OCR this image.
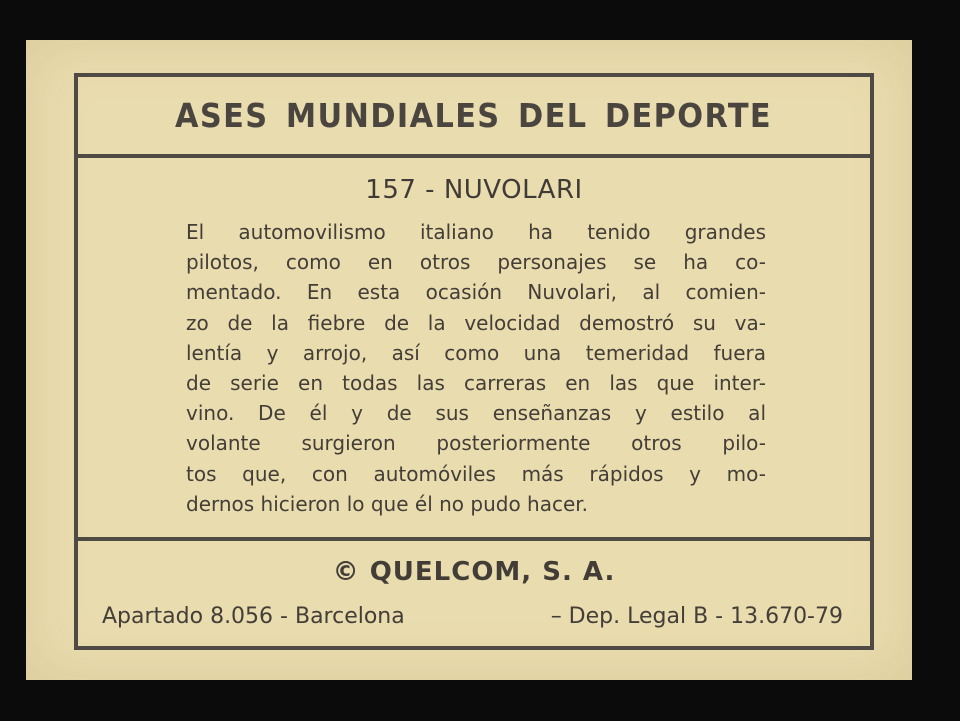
ASES MUNDIALES DEL DEPORTE
157 - NUVOLARI
El automovilismo italiano ha tenido grandes
pilotos, como en otros personajes se ha co-
mentado. En esta ocasión Nuvolari, al comien-
zo de la fiebre de la velocidad demostró su va-
lentía y arrojo, así como una temeridad fuera
de serie en todas las carreras en las que inter-
vino. De él y de sus enseñanzas y estilo al
volante surgieron posteriormente otros pilo-
tos que, con automóviles más rápidos y mo-
dernos hicieron lo que él no pudo hacer.
© QUELCOM, S. A.
Apartado 8.056 - Barcelona	– Dep. Legal B - 13.670-79
